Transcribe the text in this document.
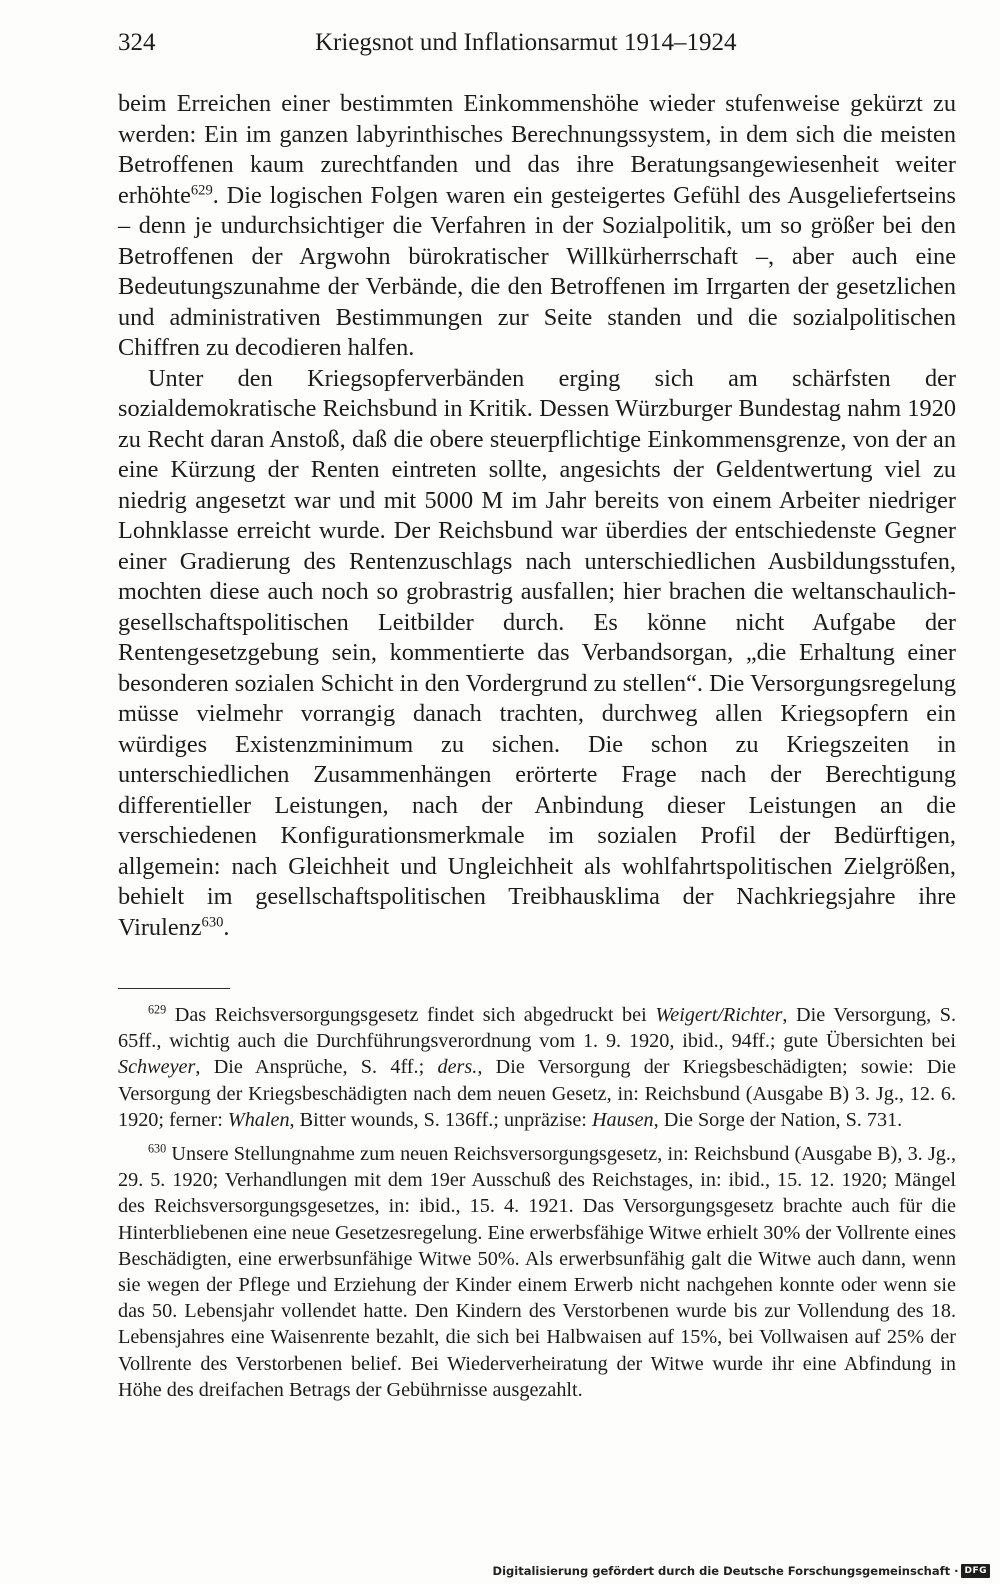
324	Kriegsnot und Inflationsarmut 1914–1924

beim Erreichen einer bestimmten Einkommenshöhe wieder stufenweise gekürzt zu werden: Ein im ganzen labyrinthisches Berechnungssystem, in dem sich die meisten Betroffenen kaum zurechtfanden und das ihre Beratungsangewiesenheit weiter erhöhte$^{629}$. Die logischen Folgen waren ein gesteigertes Gefühl des Ausgeliefertseins – denn je undurchsichtiger die Verfahren in der Sozialpolitik, um so größer bei den Betroffenen der Argwohn bürokratischer Willkürherrschaft –, aber auch eine Bedeutungszunahme der Verbände, die den Betroffenen im Irrgarten der gesetzlichen und administrativen Bestimmungen zur Seite standen und die sozialpolitischen Chiffren zu decodieren halfen.

Unter den Kriegsopferverbänden erging sich am schärfsten der sozialdemokratische Reichsbund in Kritik. Dessen Würzburger Bundestag nahm 1920 zu Recht daran Anstoß, daß die obere steuerpflichtige Einkommensgrenze, von der an eine Kürzung der Renten eintreten sollte, angesichts der Geldentwertung viel zu niedrig angesetzt war und mit 5000 M im Jahr bereits von einem Arbeiter niedriger Lohnklasse erreicht wurde. Der Reichsbund war überdies der entschiedenste Gegner einer Gradierung des Rentenzuschlags nach unterschiedlichen Ausbildungsstufen, mochten diese auch noch so grobrastrig ausfallen; hier brachen die weltanschaulich-gesellschaftspolitischen Leitbilder durch. Es könne nicht Aufgabe der Rentengesetzgebung sein, kommentierte das Verbandsorgan, „die Erhaltung einer besonderen sozialen Schicht in den Vordergrund zu stellen“. Die Versorgungsregelung müsse vielmehr vorrangig danach trachten, durchweg allen Kriegsopfern ein würdiges Existenzminimum zu sichen. Die schon zu Kriegszeiten in unterschiedlichen Zusammenhängen erörterte Frage nach der Berechtigung differentieller Leistungen, nach der Anbindung dieser Leistungen an die verschiedenen Konfigurationsmerkmale im sozialen Profil der Bedürftigen, allgemein: nach Gleichheit und Ungleichheit als wohlfahrtspolitischen Zielgrößen, behielt im gesellschaftspolitischen Treibhausklima der Nachkriegsjahre ihre Virulenz$^{630}$.

$^{629}$ Das Reichsversorgungsgesetz findet sich abgedruckt bei Weigert/Richter, Die Versorgung, S. 65ff., wichtig auch die Durchführungsverordnung vom 1. 9. 1920, ibid., 94ff.; gute Übersichten bei Schweyer, Die Ansprüche, S. 4ff.; ders., Die Versorgung der Kriegsbeschädigten; sowie: Die Versorgung der Kriegsbeschädigten nach dem neuen Gesetz, in: Reichsbund (Ausgabe B) 3. Jg., 12. 6. 1920; ferner: Whalen, Bitter wounds, S. 136ff.; unpräzise: Hausen, Die Sorge der Nation, S. 731.

$^{630}$ Unsere Stellungnahme zum neuen Reichsversorgungsgesetz, in: Reichsbund (Ausgabe B), 3. Jg., 29. 5. 1920; Verhandlungen mit dem 19er Ausschuß des Reichstages, in: ibid., 15. 12. 1920; Mängel des Reichsversorgungsgesetzes, in: ibid., 15. 4. 1921. Das Versorgungsgesetz brachte auch für die Hinterbliebenen eine neue Gesetzesregelung. Eine erwerbsfähige Witwe erhielt 30% der Vollrente eines Beschädigten, eine erwerbsunfähige Witwe 50%. Als erwerbsunfähig galt die Witwe auch dann, wenn sie wegen der Pflege und Erziehung der Kinder einem Erwerb nicht nachgehen konnte oder wenn sie das 50. Lebensjahr vollendet hatte. Den Kindern des Verstorbenen wurde bis zur Vollendung des 18. Lebensjahres eine Waisenrente bezahlt, die sich bei Halbwaisen auf 15%, bei Vollwaisen auf 25% der Vollrente des Verstorbenen belief. Bei Wiederverheiratung der Witwe wurde ihr eine Abfindung in Höhe des dreifachen Betrags der Gebührnisse ausgezahlt.

Digitalisierung gefördert durch die Deutsche Forschungsgemeinschaft · DFG
